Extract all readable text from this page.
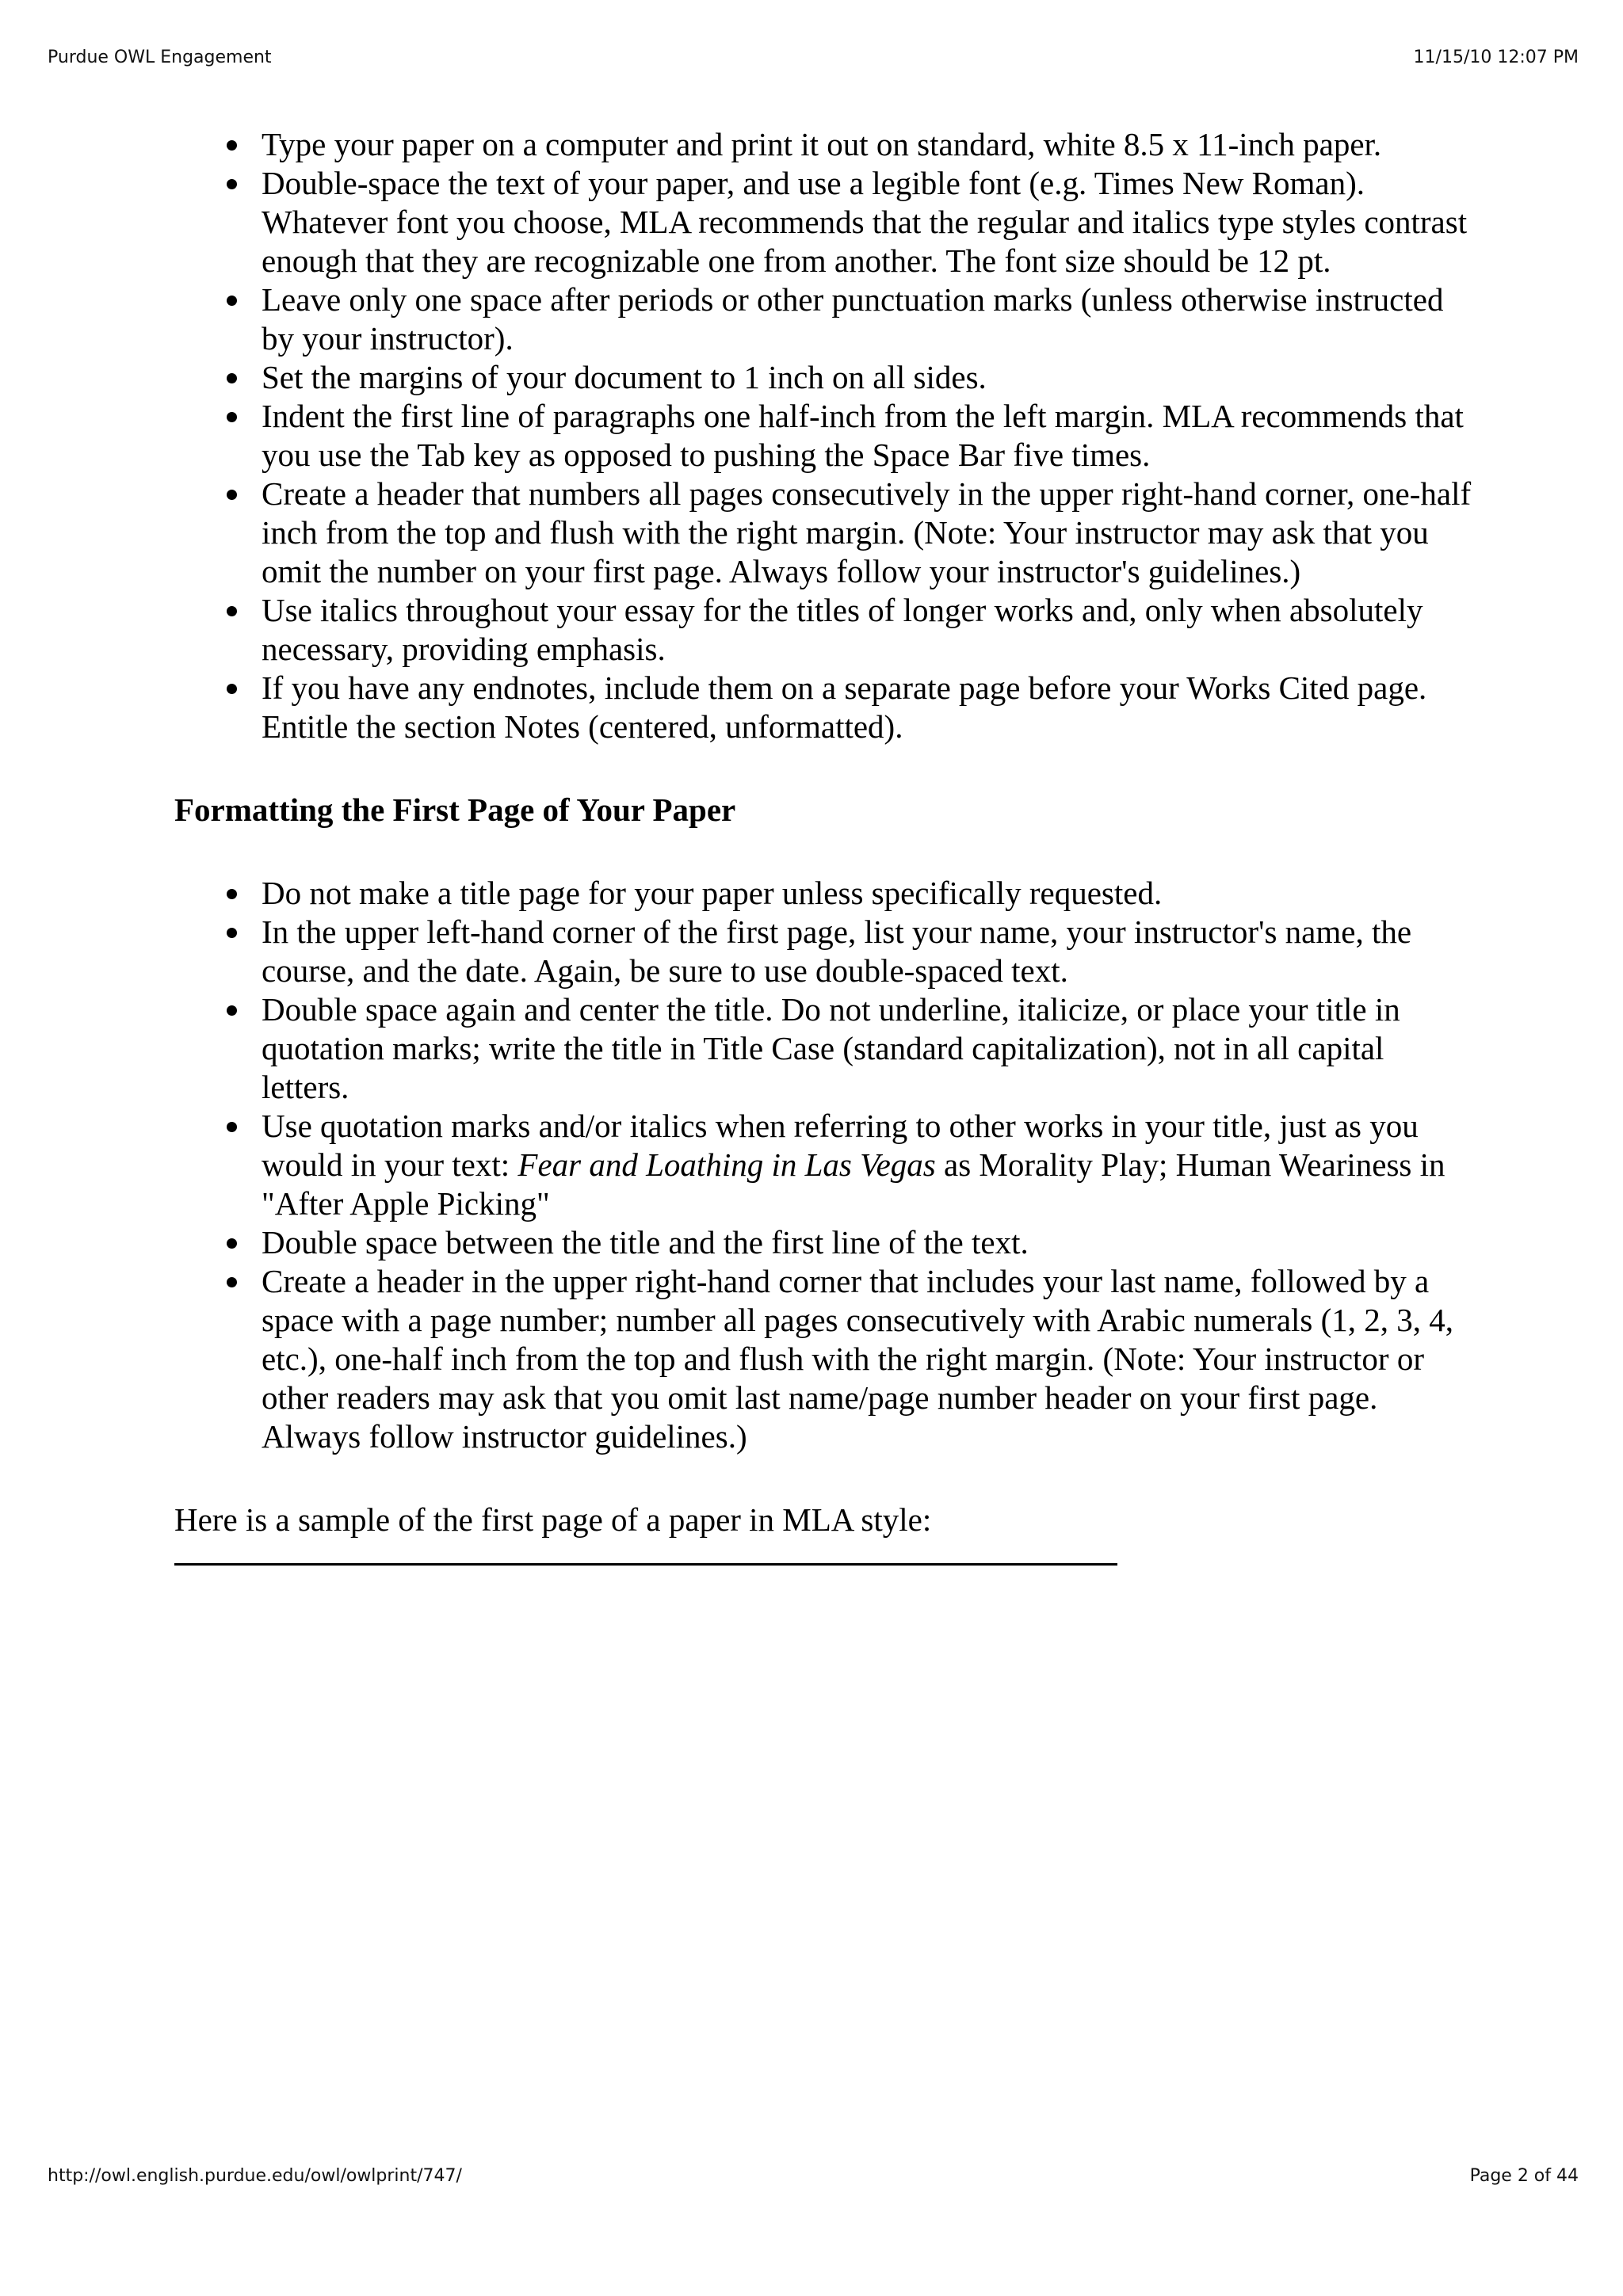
Purdue OWL Engagement	11/15/10 12:07 PM
Type your paper on a computer and print it out on standard, white 8.5 x 11-inch paper.
Double-space the text of your paper, and use a legible font (e.g. Times New Roman). Whatever font you choose, MLA recommends that the regular and italics type styles contrast enough that they are recognizable one from another. The font size should be 12 pt.
Leave only one space after periods or other punctuation marks (unless otherwise instructed by your instructor).
Set the margins of your document to 1 inch on all sides.
Indent the first line of paragraphs one half-inch from the left margin. MLA recommends that you use the Tab key as opposed to pushing the Space Bar five times.
Create a header that numbers all pages consecutively in the upper right-hand corner, one-half inch from the top and flush with the right margin. (Note: Your instructor may ask that you omit the number on your first page. Always follow your instructor's guidelines.)
Use italics throughout your essay for the titles of longer works and, only when absolutely necessary, providing emphasis.
If you have any endnotes, include them on a separate page before your Works Cited page. Entitle the section Notes (centered, unformatted).
Formatting the First Page of Your Paper
Do not make a title page for your paper unless specifically requested.
In the upper left-hand corner of the first page, list your name, your instructor's name, the course, and the date. Again, be sure to use double-spaced text.
Double space again and center the title. Do not underline, italicize, or place your title in quotation marks; write the title in Title Case (standard capitalization), not in all capital letters.
Use quotation marks and/or italics when referring to other works in your title, just as you would in your text: Fear and Loathing in Las Vegas as Morality Play; Human Weariness in "After Apple Picking"
Double space between the title and the first line of the text.
Create a header in the upper right-hand corner that includes your last name, followed by a space with a page number; number all pages consecutively with Arabic numerals (1, 2, 3, 4, etc.), one-half inch from the top and flush with the right margin. (Note: Your instructor or other readers may ask that you omit last name/page number header on your first page. Always follow instructor guidelines.)
Here is a sample of the first page of a paper in MLA style:
http://owl.english.purdue.edu/owl/owlprint/747/	Page 2 of 44
